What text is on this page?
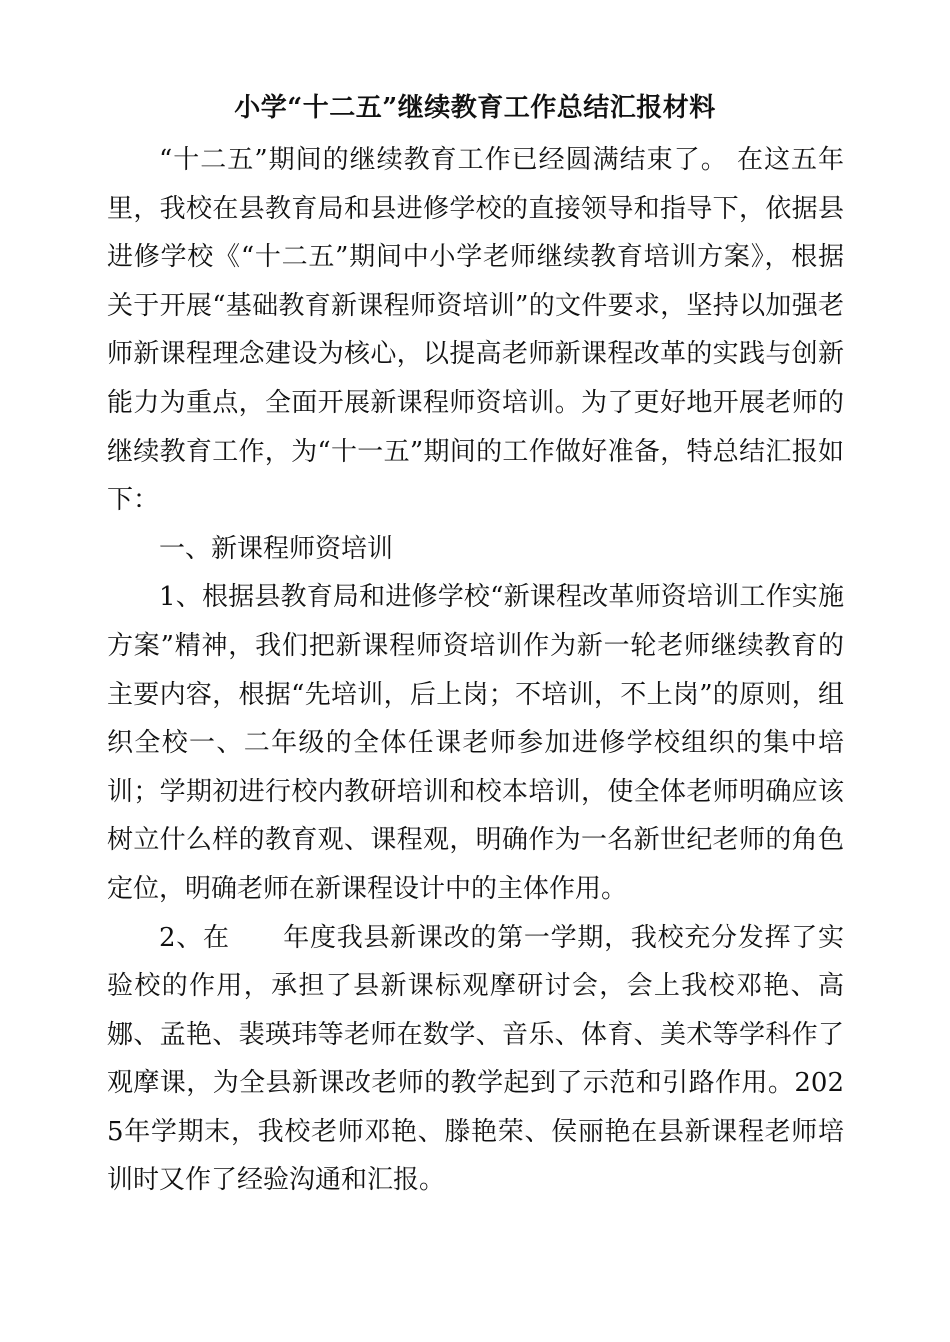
小学“十二五”继续教育工作总结汇报材料

“十二五”期间的继续教育工作已经圆满结束了。 在这五年里，我校在县教育局和县进修学校的直接领导和指导下，依据县进修学校《“十二五”期间中小学老师继续教育培训方案》，根据关于开展“基础教育新课程师资培训”的文件要求，坚持以加强老师新课程理念建设为核心，以提高老师新课程改革的实践与创新能力为重点，全面开展新课程师资培训。为了更好地开展老师的继续教育工作，为“十一五”期间的工作做好准备，特总结汇报如下：

一、新课程师资培训

1、根据县教育局和进修学校“新课程改革师资培训工作实施方案”精神，我们把新课程师资培训作为新一轮老师继续教育的主要内容，根据“先培训，后上岗；不培训，不上岗”的原则，组织全校一、二年级的全体任课老师参加进修学校组织的集中培训；学期初进行校内教研培训和校本培训，使全体老师明确应该树立什么样的教育观、课程观，明确作为一名新世纪老师的角色定位，明确老师在新课程设计中的主体作用。

2、在　　年度我县新课改的第一学期，我校充分发挥了实验校的作用，承担了县新课标观摩研讨会，会上我校邓艳、高娜、孟艳、裴瑛玮等老师在数学、音乐、体育、美术等学科作了观摩课，为全县新课改老师的教学起到了示范和引路作用。2025年学期末，我校老师邓艳、滕艳荣、侯丽艳在县新课程老师培训时又作了经验沟通和汇报。
